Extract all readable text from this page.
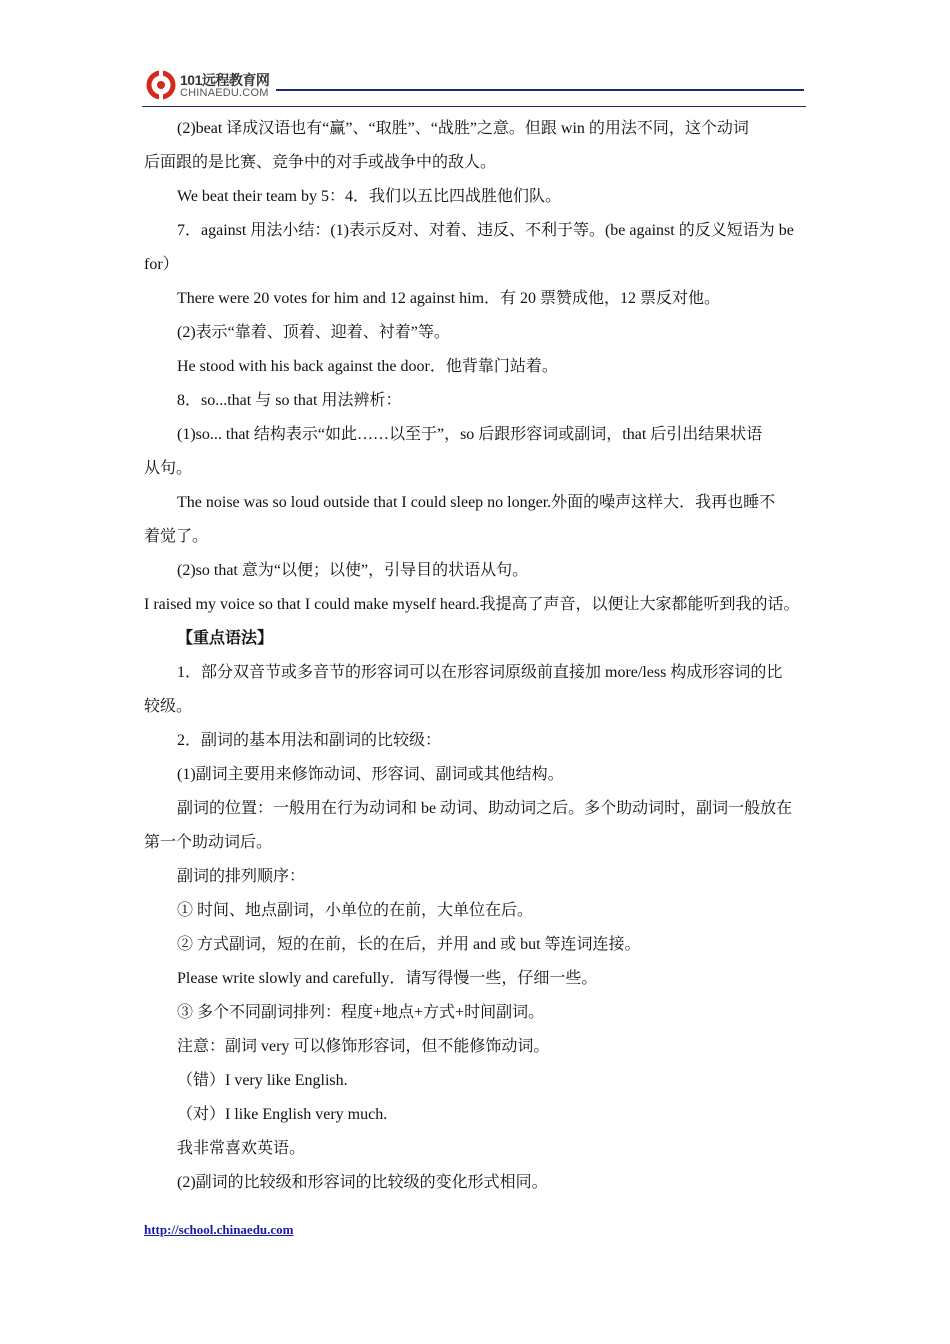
101远程教育网
CHINAEDU.COM

(2)beat 译成汉语也有“赢”、“取胜”、“战胜”之意。但跟 win 的用法不同，这个动词

后面跟的是比赛、竞争中的对手或战争中的敌人。

We beat their team by 5：4．我们以五比四战胜他们队。

7．against 用法小结：(1)表示反对、对着、违反、不利于等。(be against 的反义短语为 be

for）

There were 20 votes for him and 12 against him．有 20 票赞成他，12 票反对他。

(2)表示“靠着、顶着、迎着、衬着”等。

He stood with his back against the door．他背靠门站着。

8．so...that 与 so that 用法辨析：

(1)so... that 结构表示“如此……以至于”，so 后跟形容词或副词，that 后引出结果状语

从句。

The noise was so loud outside that I could sleep no longer.外面的噪声这样大．我再也睡不

着觉了。

(2)so that 意为“以便；以使”，引导目的状语从句。

I raised my voice so that I could make myself heard.我提高了声音，以便让大家都能听到我的话。

【重点语法】

1．部分双音节或多音节的形容词可以在形容词原级前直接加 more/less 构成形容词的比

较级。

2．副词的基本用法和副词的比较级：

(1)副词主要用来修饰动词、形容词、副词或其他结构。

副词的位置：一般用在行为动词和 be 动词、助动词之后。多个助动词时，副词一般放在

第一个助动词后。

副词的排列顺序：

① 时间、地点副词，小单位的在前，大单位在后。

② 方式副词，短的在前，长的在后，并用 and 或 but 等连词连接。

Please write slowly and carefully．请写得慢一些，仔细一些。

③ 多个不同副词排列：程度+地点+方式+时间副词。

注意：副词 very 可以修饰形容词，但不能修饰动词。

（错）I very like English.

（对）I like English very much.

我非常喜欢英语。

(2)副词的比较级和形容词的比较级的变化形式相同。

http://school.chinaedu.com
